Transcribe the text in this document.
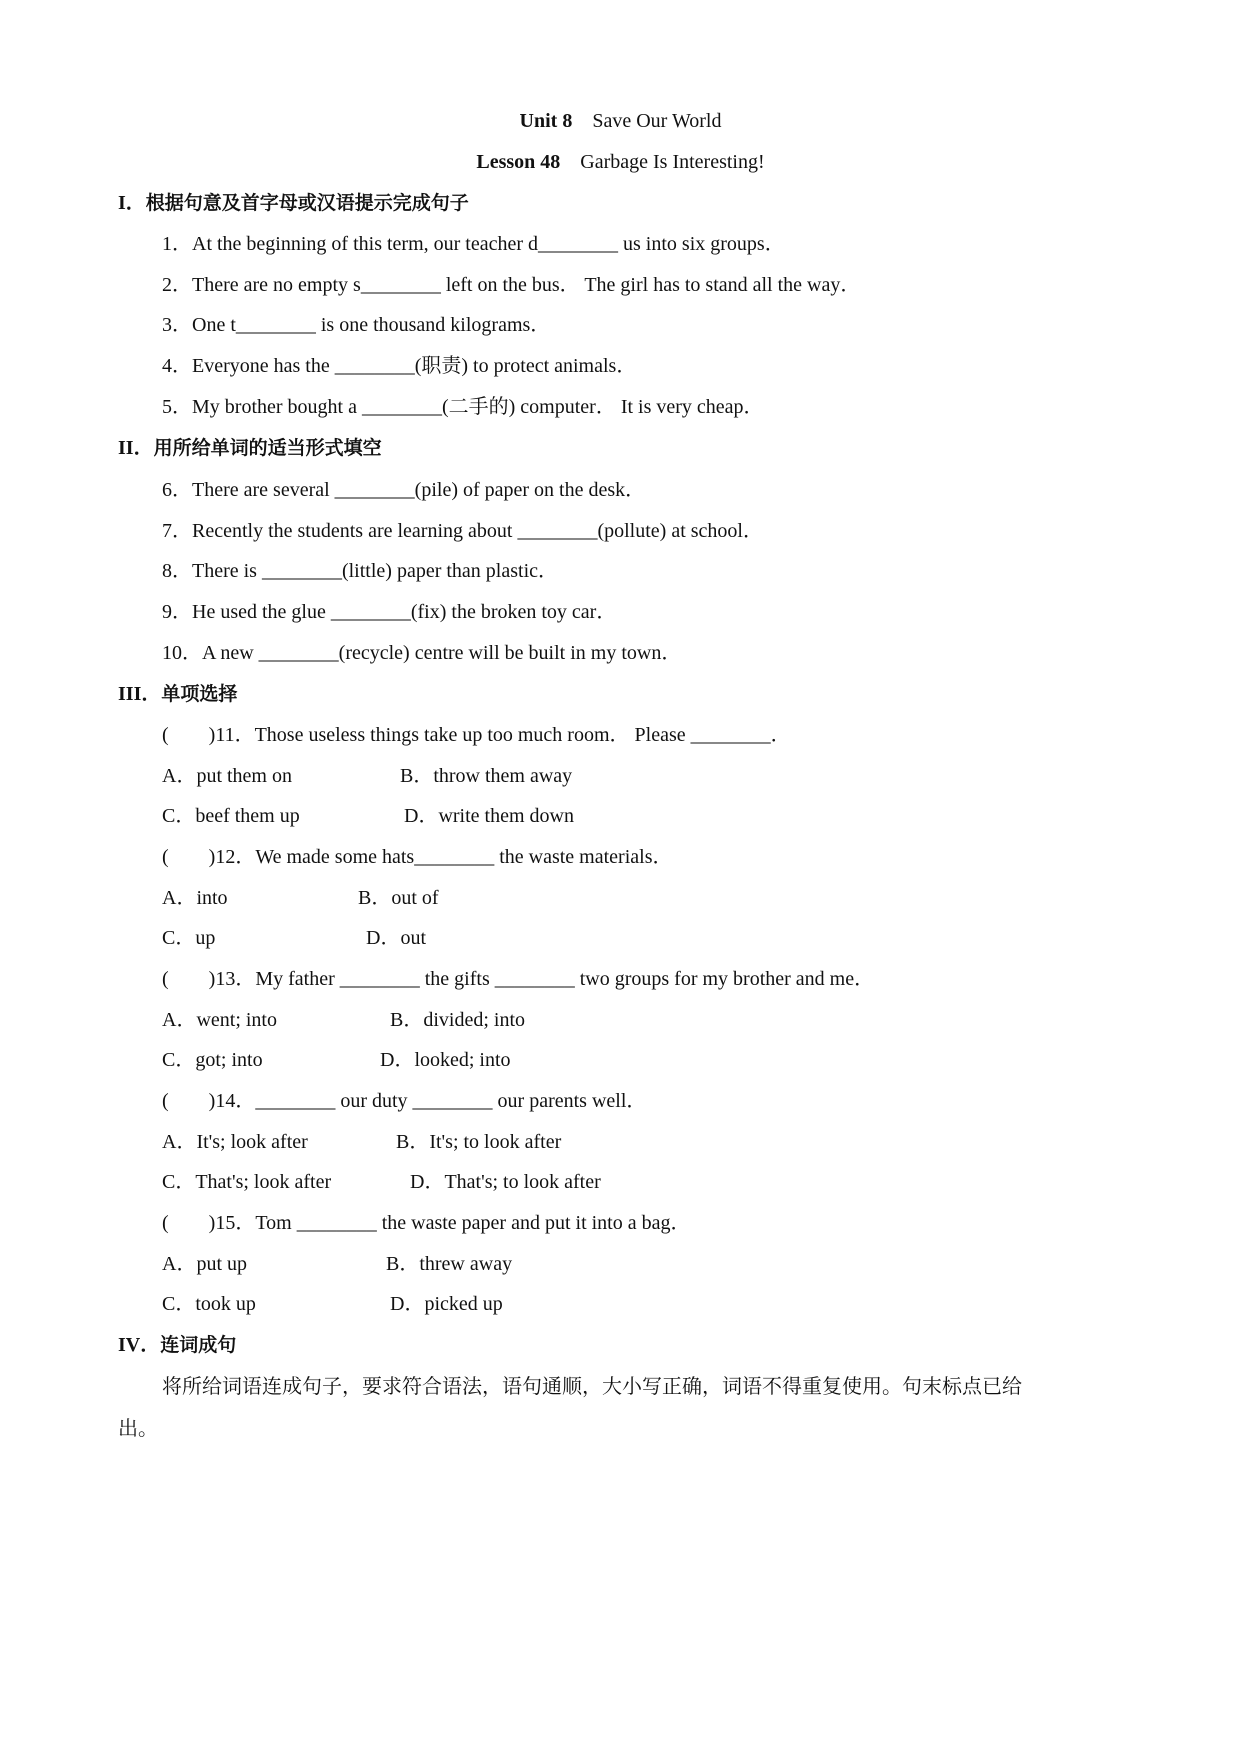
Unit 8 Save Our World
Lesson 48 Garbage Is Interesting!
I．根据句意及首字母或汉语提示完成句子
1．At the beginning of this term, our teacher d________ us into six groups．
2．There are no empty s________ left on the bus． The girl has to stand all the way．
3．One t________ is one thousand kilograms．
4．Everyone has the ________(职责) to protect animals．
5．My brother bought a ________(二手的) computer． It is very cheap．
II．用所给单词的适当形式填空
6．There are several ________(pile) of paper on the desk．
7．Recently the students are learning about ________(pollute) at school．
8．There is ________(little) paper than plastic．
9．He used the glue ________(fix) the broken toy car．
10．A new ________(recycle) centre will be built in my town．
III．单项选择
(　　)11．Those useless things take up too much room． Please ________．
A．put them on	B．throw them away
C．beef them up	D．write them down
(　　)12．We made some hats________ the waste materials．
A．into	B．out of
C．up	D．out
(　　)13．My father ________ the gifts ________ two groups for my brother and me．
A．went; into	B．divided; into
C．got; into	D．looked; into
(　　)14．________ our duty ________ our parents well．
A．It's; look after	B．It's; to look after
C．That's; look after	D．That's; to look after
(　　)15．Tom ________ the waste paper and put it into a bag．
A．put up	B．threw away
C．took up	D．picked up
IV．连词成句
将所给词语连成句子，要求符合语法，语句通顺，大小写正确，词语不得重复使用。句末标点已给
出。
